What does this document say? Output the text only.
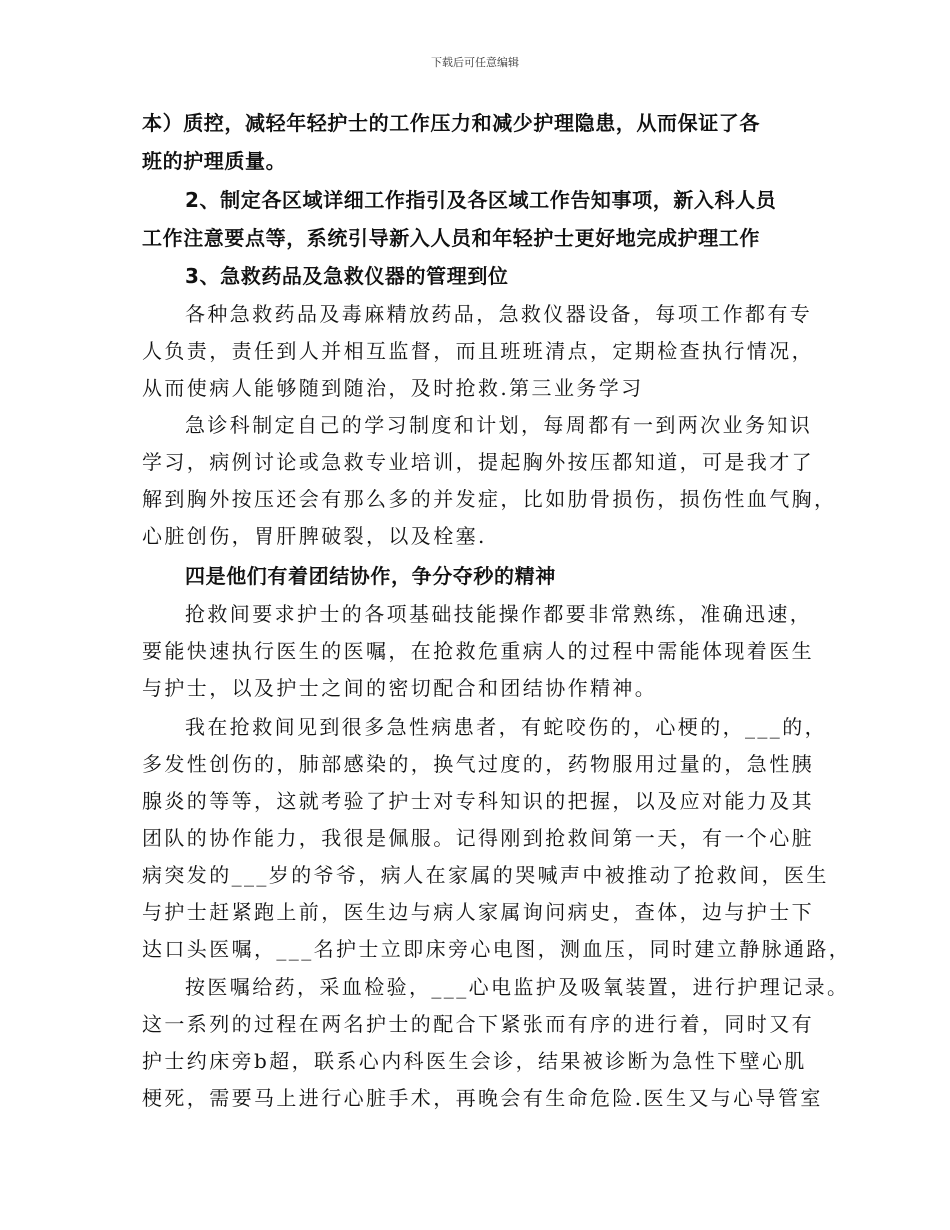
下载后可任意编辑
本）质控，减轻年轻护士的工作压力和减少护理隐患，从而保证了各
班的护理质量。
2、制定各区域详细工作指引及各区域工作告知事项，新入科人员
工作注意要点等，系统引导新入人员和年轻护士更好地完成护理工作
3、急救药品及急救仪器的管理到位
各种急救药品及毒麻精放药品，急救仪器设备，每项工作都有专
人负责，责任到人并相互监督，而且班班清点，定期检查执行情况，
从而使病人能够随到随治，及时抢救.第三业务学习
急诊科制定自己的学习制度和计划，每周都有一到两次业务知识
学习，病例讨论或急救专业培训，提起胸外按压都知道，可是我才了
解到胸外按压还会有那么多的并发症，比如肋骨损伤，损伤性血气胸，
心脏创伤，胃肝脾破裂，以及栓塞.
四是他们有着团结协作，争分夺秒的精神
抢救间要求护士的各项基础技能操作都要非常熟练，准确迅速，
要能快速执行医生的医嘱，在抢救危重病人的过程中需能体现着医生
与护士，以及护士之间的密切配合和团结协作精神。
我在抢救间见到很多急性病患者，有蛇咬伤的，心梗的，___的，
多发性创伤的，肺部感染的，换气过度的，药物服用过量的，急性胰
腺炎的等等，这就考验了护士对专科知识的把握，以及应对能力及其
团队的协作能力，我很是佩服。记得刚到抢救间第一天，有一个心脏
病突发的___岁的爷爷，病人在家属的哭喊声中被推动了抢救间，医生
与护士赶紧跑上前，医生边与病人家属询问病史，查体，边与护士下
达口头医嘱，___名护士立即床旁心电图，测血压，同时建立静脉通路，
按医嘱给药，采血检验，___心电监护及吸氧装置，进行护理记录。
这一系列的过程在两名护士的配合下紧张而有序的进行着，同时又有
护士约床旁b超，联系心内科医生会诊，结果被诊断为急性下壁心肌
梗死，需要马上进行心脏手术，再晚会有生命危险.医生又与心导管室
